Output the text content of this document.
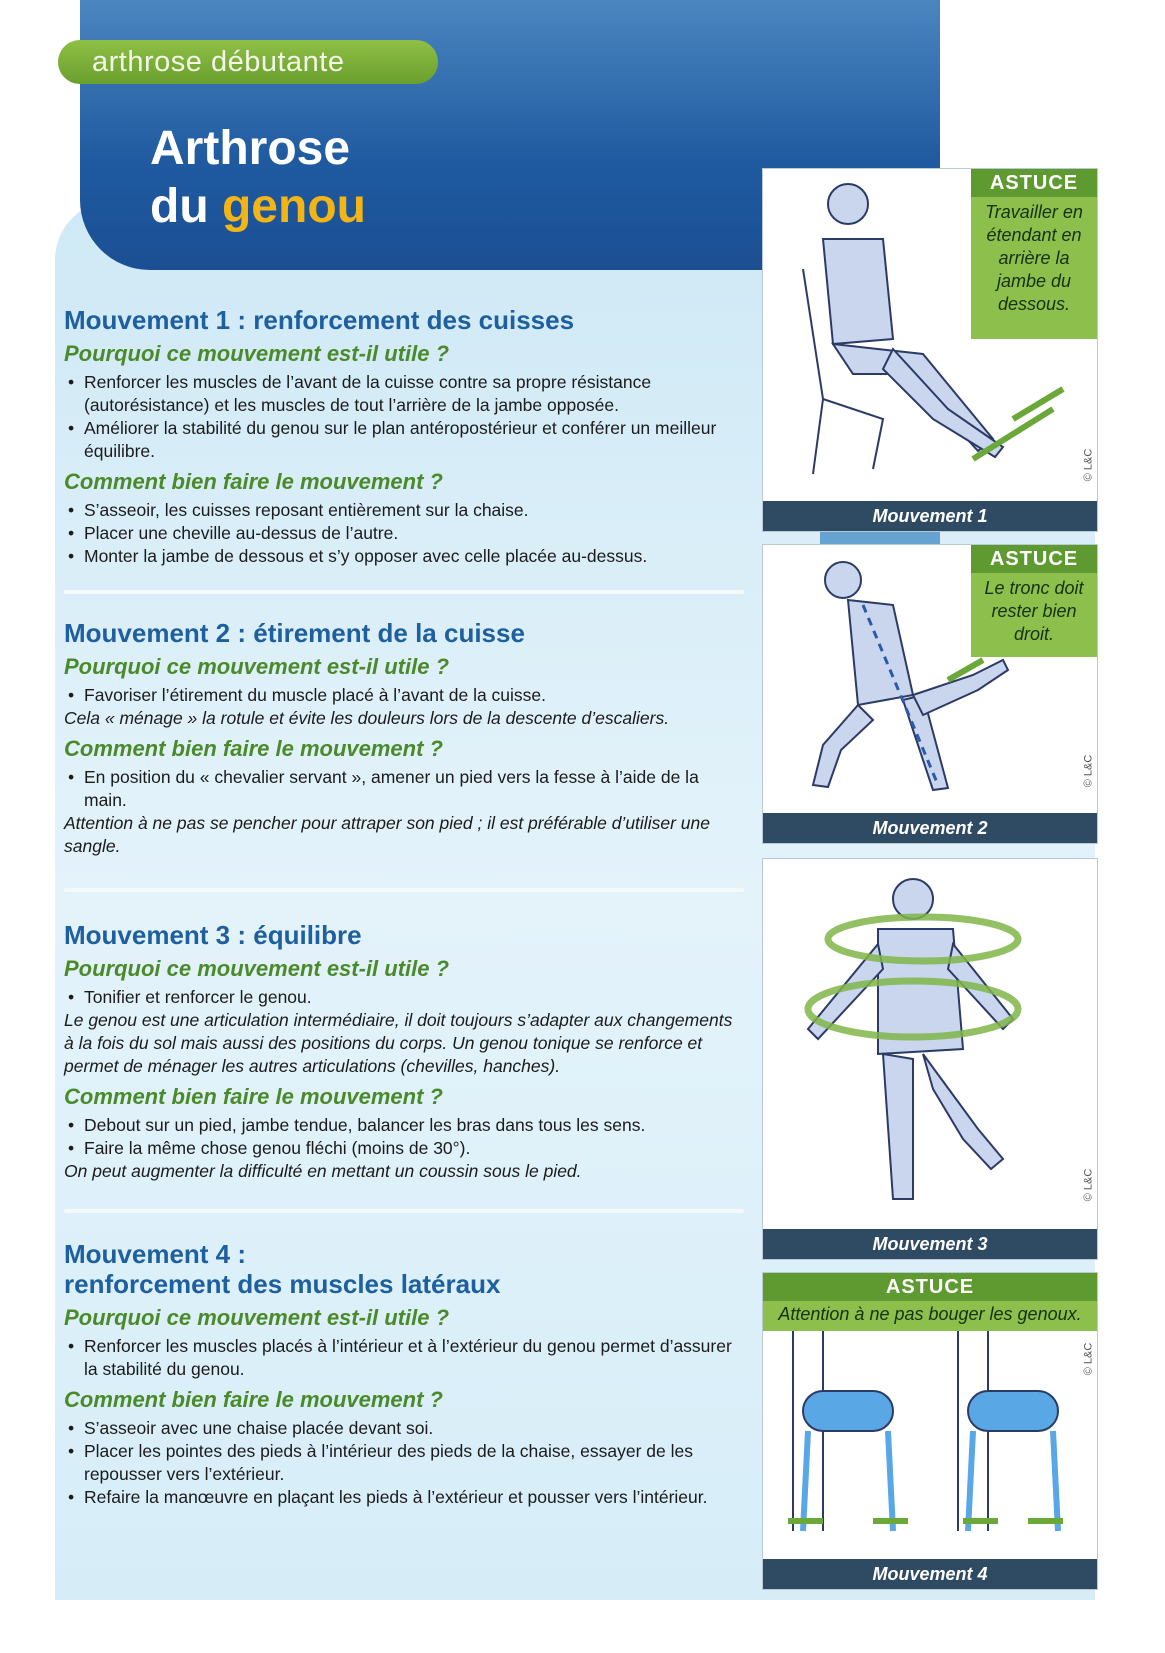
arthrose débutante
Arthrose
du genou
Mouvement 1 : renforcement des cuisses
Pourquoi ce mouvement est-il utile ?

• Renforcer les muscles de l’avant de la cuisse contre sa propre résistance (autorésistance) et les muscles de tout l’arrière de la jambe opposée.

• Améliorer la stabilité du genou sur le plan antéropostérieur et conférer un meilleur équilibre.

Comment bien faire le mouvement ?

• S’asseoir, les cuisses reposant entièrement sur la chaise.

• Placer une cheville au-dessus de l’autre.

• Monter la jambe de dessous et s’y opposer avec celle placée au-dessus.

Mouvement 2 : étirement de la cuisse
Pourquoi ce mouvement est-il utile ?

• Favoriser l’étirement du muscle placé à l’avant de la cuisse.

Cela « ménage » la rotule et évite les douleurs lors de la descente d’escaliers.

Comment bien faire le mouvement ?

• En position du « chevalier servant », amener un pied vers la fesse à l’aide de la main.

Attention à ne pas se pencher pour attraper son pied ; il est préférable d’utiliser une sangle.

Mouvement 3 : équilibre
Pourquoi ce mouvement est-il utile ?

• Tonifier et renforcer le genou.

Le genou est une articulation intermédiaire, il doit toujours s’adapter aux changements à la fois du sol mais aussi des positions du corps. Un genou tonique se renforce et permet de ménager les autres articulations (chevilles, hanches).

Comment bien faire le mouvement ?

• Debout sur un pied, jambe tendue, balancer les bras dans tous les sens.

• Faire la même chose genou fléchi (moins de 30°).

On peut augmenter la difficulté en mettant un coussin sous le pied.

Mouvement 4 :
renforcement des muscles latéraux
Pourquoi ce mouvement est-il utile ?

• Renforcer les muscles placés à l’intérieur et à l’extérieur du genou permet d’assurer la stabilité du genou.

Comment bien faire le mouvement ?

• S’asseoir avec une chaise placée devant soi.

• Placer les pointes des pieds à l’intérieur des pieds de la chaise, essayer de les repousser vers l’extérieur.

• Refaire la manœuvre en plaçant les pieds à l’extérieur et pousser vers l’intérieur.

ASTUCE
Travailler en étendant en arrière la jambe du dessous.
© L&C
Mouvement 1
ASTUCE
Le tronc doit rester bien droit.
© L&C
Mouvement 2
© L&C
Mouvement 3
ASTUCE
Attention à ne pas bouger les genoux.
© L&C
Mouvement 4
